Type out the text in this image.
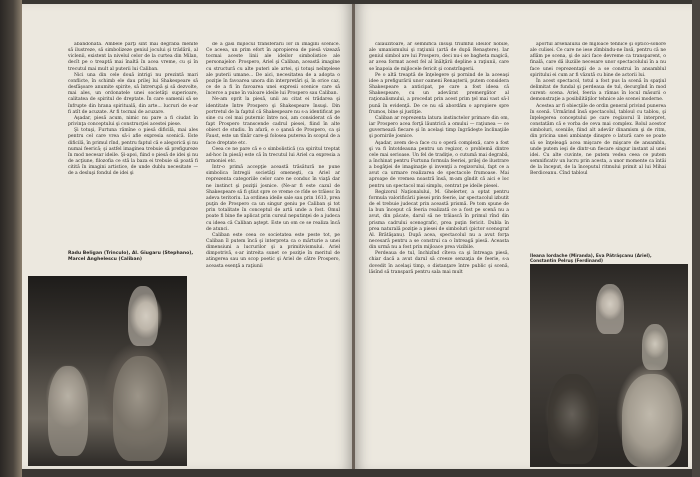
abandonată. Ambele părţi sînt mai degrabă menite să ilustreze, să simbolizeze geniul jocului şi trădării, al viclenii, existent la nivelul celor de la curtea din Milan, decît pe o treaptă mai înaltă în acea vreme, cu şi în trecutul mai mult al puterii lui Caliban.

Nici una din cele două intrigi nu prezintă mari conflicte, în schimb ele dau prilej lui Shakespeare să desfăşoare anumite spirite, să întrerupă şi să dezvolte, mai ales, un ordonatele unei societăţi superioare, calitatea de spiritul de dreptate. În care oamenii să se înfrupte din hrana spirituală, din arte... lucruri de e-ar fi atît de acuzate. Ar fi tocmai de acuzare.

Aşadar, piesă acum, nimic nu pare a fi ciudat în privinţa conceptului şi construcţiei acestei piese.

Şi totuşi, Furtuna rămîne o piesă dificilă, mai ales pentru cel care vrea să-i afle expresia scenică. Este dificilă, în primul rînd, pentru faptul că e alegorică şi nu numai feerică; şi astfel imaginea trebuie să prefigureze în mod necesar ideile. Şi-apoi, fiind o piesă de idei şi nu de acţiune, filozofia ce stă la baza ei trebuie să poată fi citită în imagini artistice, de unde dublu necesitate — de a desluşi fondul de idei şi

Radu Beligan (Trinculo), Al. Giugaru (Stephano), Marcel Anghelescu (Caliban)

de a găsi mijlocul transferării lor în imagini scenice. Ce aceea, un prim efort în apropierea de piesă vizează tocmai aceste linii ale ideilor simbolistice ale personajelor: Prospero, Ariel şi Caliban, această imagine cu structură cu alte puteri ale artei, şi totuşi neînţelese ale puterii umane... De aici, necesitatea de a adopta o poziţie în favoarea unora din interpretări şi, în orice caz, ce de a fi în favoarea unei expresii scenice care să încerce a pune în valoare ideile lui Prospero sau Caliban.

Ne-am oprit la piesă, unii au citat ei trădarea şi identitate între Prospero şi Shakespeare însuşi. Din portretul de la faptul că Shakespeare nu s-a identificat pe sine cu cel mai puternic între noi, am considerat că de fapt Prospero transcende cadrul piesei, fiind în alte obiect de studiu. În afară, e o şansă de Prospero, ca şi Faust, este un tînăr care-şi folosea puterea în scopul de a face dreptate etc.

Ceea ce ne pare că e o simbolistică (ca spiritul treptat ad-hoc în piesă) este că în trecutul lui Ariel ca expresia a armoniei etc.

Intr-o primă accepţie această trăsătură ne pune simbolica întregii societăţi omeneşti, ca Ariel ar reprezenta categoriile celor care ne conduc în viaţă dar ne instinct şi poziţii josnice. (Ne-ar fi este cazul de Shakespeare să fi ştiut spre ce vreme ce rîde se trăiesc în adeva teritoriu. La ordinea ideile sale sau prin 1613, prea puţin de Prospero ca un singur geniu pe Caliban şi tot prin totalitate în conceptul de artă unde a fost. Omul poate fi bine fie aplicat prin cursul neputinţei de a judeca cu ideea că Caliban aştept. Este un om ce se realiza încă de atunci.

Caliban este ceea ce societatea este peste tot, pe Caliban îl putem încă şi interpreta ca o mărturie a unei dimensiuni a lucrurilor şi a primitivismului. Ariel dimpotrivă, s-ar intreita sunet ce poziţie în meritul de atingerea sau un scop poetic şi Ariel de către Prospero, aceasta esenţă a raţiunii

călăuzitoare, ar semnifica însuşi triumful ideilor nobile, ale umanismului şi raţiunii (artă de după Renaştere). Iar geniul simbol are lui Prospero, deci nu-i se bagheta magică, ar avea format acest fel al înălţării depline a raţiunii, care se înapoia de mijlocele fericit şi constrîngerii.

Pe o altă treaptă de înţelegere şi pornind de la aceeaşi idee a prefigurării unor oameni Renaşterii, putem considera Shakespeare a anticipat, pe care a fost ideea că Shakespeare, cu un adevărat premergător al raţionalismului, a procedat prin acest prim ţel mai vast să-l pună în evidenţă. De ce nu să abordăm o apropiere spre frumos, bine şi justiţie.

Caliban ar reprezenta latura instinctelor primare din om, iar Prospero acea forţă lăuntrică a omului — raţiunea — ce guvernează fiecare şi în acelaşi timp îngrădeşte înclinaţiile şi pornirile josnice.

Aşadar, avem de-a face cu o operă complexă, care a fost şi va fi întotdeauna pentru un regizor, o problemă dintre cele mai serioase. Un fel de tradiţie, o cutumă mai degrabă, a închinat pentru Furtuna formula feeriei, prilej de ilustrare a bogăţiei de imaginaţie şi invenţii a regizorului, fapt ce a avut ca urmare realizarea de spectacole frumoase. Mai aproape de vremea noastră însă, m-am gîndit că aici e loc pentru un spectacol mai simplu, centrat pe ideile piesei.

Regizorul Naţionalului, M. Ghelerter, a optat pentru formula valorificării piesei prin feerie, iar spectacolul izbutit de el trebuie judecat prin această prismă. Pe tom spune de la bun început că feeria realizată ce a fost pe scenă nu a avut, din păcate, darul să ne trăiască în primul rînd din prisma cadrului scenografic, prea puţin fericit. Dubla în prea naturală poziţie a piesei de simboluri (pictor scenograf Al. Brătăşanu). După acea, spectacolul nu a avut forţa necesară pentru a se construi ca o întreagă piesă. Aceasta din urmă nu a fost prin mijloace prea vizibile.

Perdeaua de tul, închizînd cîteva ca şi întreaga piesă, chiar dacă a avut darul să creeze senzaţia de feerie, s-a dovedit în acelaşi timp, o distanţare între public şi scenă, lăsînd să transpară pentru sala mai mult

aportul arsenalului de mijloace tehnice şi optico-sonore ale culisei. Ce care ne iese zîmbindu-ne însă, pentru că ne aflăm pe scena, şi de aici face devreme ca transparent, o finală, care dă iluziile necesare unor spectacolului în a nu face unei reprezentaţii de a se construi în ansamblul spiritului ei cum ar fi văzută cu bine de actorii lui.

În acest spectacol, totul a fost pus la scenă în spaţiul delimitat de fundal şi perdeaua de tul, decurgînd în mod curent: scena. Ariel, feeria a rămas în locul măsurii o demonstraţie a posibilităţilor tehnice ale scenei moderne.

Acestea ar fi obiecţiile de ordin general privind punerea în scenă. Urmărind însă spectacolul, tabloul cu tablou, şi înţelegerea conceptului pe care regizorul îl interpret, constatăm că e vorba de ceva mai complex. Rolul acestor simboluri, sceniile, fiind alt adevăr dinamism şi de ritm, din pricina unei ambianţe dinspre o latură care se poate să se înţeleagă acea mişcare de mişcare de ansamblu, unde putem ieşi de dintr-un fiecare singur instant al unei idei. Cu alte cuvinte, ne putem vedea ceea ce putem semnificativ un lucru prin acesta, a unor momente ca întâi de la început, de la începutul ritmului primit al lui Mihai Berdiceanu. Cînd tabloul

Ileana Iordache (Miranda), Eva Pătrăşcanu (Ariel), Constantin Pelruş (Ferdinand)
